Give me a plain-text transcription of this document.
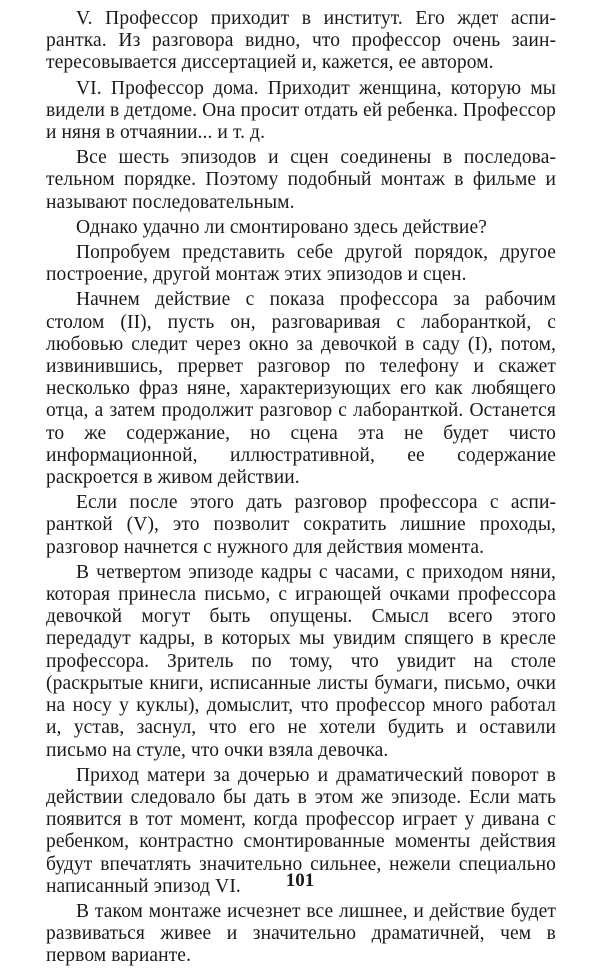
V. Профессор приходит в институт. Его ждет аспирантка. Из разговора видно, что профессор очень заинтересовывается диссертацией и, кажется, ее автором.

VI. Профессор дома. Приходит женщина, которую мы видели в детдоме. Она просит отдать ей ребенка. Профессор и няня в отчаянии... и т. д.

Все шесть эпизодов и сцен соединены в последовательном порядке. Поэтому подобный монтаж в фильме и называют последовательным.

Однако удачно ли смонтировано здесь действие?

Попробуем представить себе другой порядок, другое построение, другой монтаж этих эпизодов и сцен.

Начнем действие с показа профессора за рабочим столом (II), пусть он, разговаривая с лаборанткой, с любовью следит через окно за девочкой в саду (I), потом, извинившись, прервет разговор по телефону и скажет несколько фраз няне, характеризующих его как любящего отца, а затем продолжит разговор с лаборанткой. Останется то же содержание, но сцена эта не будет чисто информационной, иллюстративной, ее содержание раскроется в живом действии.

Если после этого дать разговор профессора с аспиранткой (V), это позволит сократить лишние проходы, разговор начнется с нужного для действия момента.

В четвертом эпизоде кадры с часами, с приходом няни, которая принесла письмо, с играющей очками профессора девочкой могут быть опущены. Смысл всего этого передадут кадры, в которых мы увидим спящего в кресле профессора. Зритель по тому, что увидит на столе (раскрытые книги, исписанные листы бумаги, письмо, очки на носу у куклы), домыслит, что профессор много работал и, устав, заснул, что его не хотели будить и оставили письмо на стуле, что очки взяла девочка.

Приход матери за дочерью и драматический поворот в действии следовало бы дать в этом же эпизоде. Если мать появится в тот момент, когда профессор играет у дивана с ребенком, контрастно смонтированные моменты действия будут впечатлять значительно сильнее, нежели специально написанный эпизод VI.

В таком монтаже исчезнет все лишнее, и действие будет развиваться живее и значительно драматичней, чем в первом варианте.

101
